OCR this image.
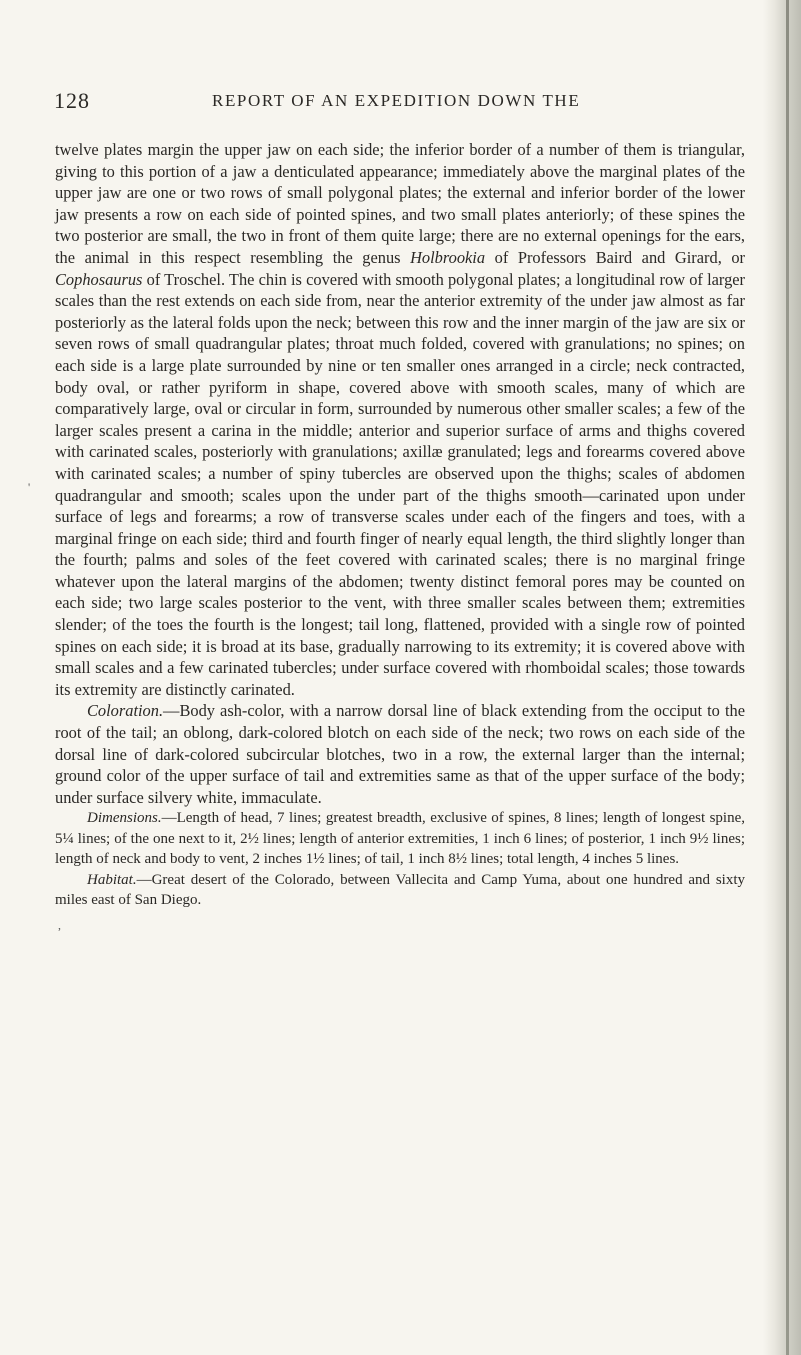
128	REPORT OF AN EXPEDITION DOWN THE

twelve plates margin the upper jaw on each side; the inferior border of a number of them is triangular, giving to this portion of a jaw a denticulated appearance; immediately above the marginal plates of the upper jaw are one or two rows of small polygonal plates; the external and inferior border of the lower jaw presents a row on each side of pointed spines, and two small plates anteriorly; of these spines the two posterior are small, the two in front of them quite large; there are no external openings for the ears, the animal in this respect resembling the genus Holbrookia of Professors Baird and Girard, or Cophosaurus of Troschel. The chin is covered with smooth polygonal plates; a longitudinal row of larger scales than the rest extends on each side from, near the anterior extremity of the under jaw almost as far posteriorly as the lateral folds upon the neck; between this row and the inner margin of the jaw are six or seven rows of small quadrangular plates; throat much folded, covered with granulations; no spines; on each side is a large plate surrounded by nine or ten smaller ones arranged in a circle; neck contracted, body oval, or rather pyriform in shape, covered above with smooth scales, many of which are comparatively large, oval or circular in form, surrounded by numerous other smaller scales; a few of the larger scales present a carina in the middle; anterior and superior surface of arms and thighs covered with carinated scales, posteriorly with granulations; axillæ granulated; legs and forearms covered above with carinated scales; a number of spiny tubercles are observed upon the thighs; scales of abdomen quadrangular and smooth; scales upon the under part of the thighs smooth—carinated upon under surface of legs and forearms; a row of transverse scales under each of the fingers and toes, with a marginal fringe on each side; third and fourth finger of nearly equal length, the third slightly longer than the fourth; palms and soles of the feet covered with carinated scales; there is no marginal fringe whatever upon the lateral margins of the abdomen; twenty distinct femoral pores may be counted on each side; two large scales posterior to the vent, with three smaller scales between them; extremities slender; of the toes the fourth is the longest; tail long, flattened, provided with a single row of pointed spines on each side; it is broad at its base, gradually narrowing to its extremity; it is covered above with small scales and a few carinated tubercles; under surface covered with rhomboidal scales; those towards its extremity are distinctly carinated.

Coloration.—Body ash-color, with a narrow dorsal line of black extending from the occiput to the root of the tail; an oblong, dark-colored blotch on each side of the neck; two rows on each side of the dorsal line of dark-colored subcircular blotches, two in a row, the external larger than the internal; ground color of the upper surface of tail and extremities same as that of the upper surface of the body; under surface silvery white, immaculate.

Dimensions.—Length of head, 7 lines; greatest breadth, exclusive of spines, 8 lines; length of longest spine, 5¼ lines; of the one next to it, 2½ lines; length of anterior extremities, 1 inch 6 lines; of posterior, 1 inch 9½ lines; length of neck and body to vent, 2 inches 1½ lines; of tail, 1 inch 8½ lines; total length, 4 inches 5 lines.

Habitat.—Great desert of the Colorado, between Vallecita and Camp Yuma, about one hundred and sixty miles east of San Diego.

'
,
